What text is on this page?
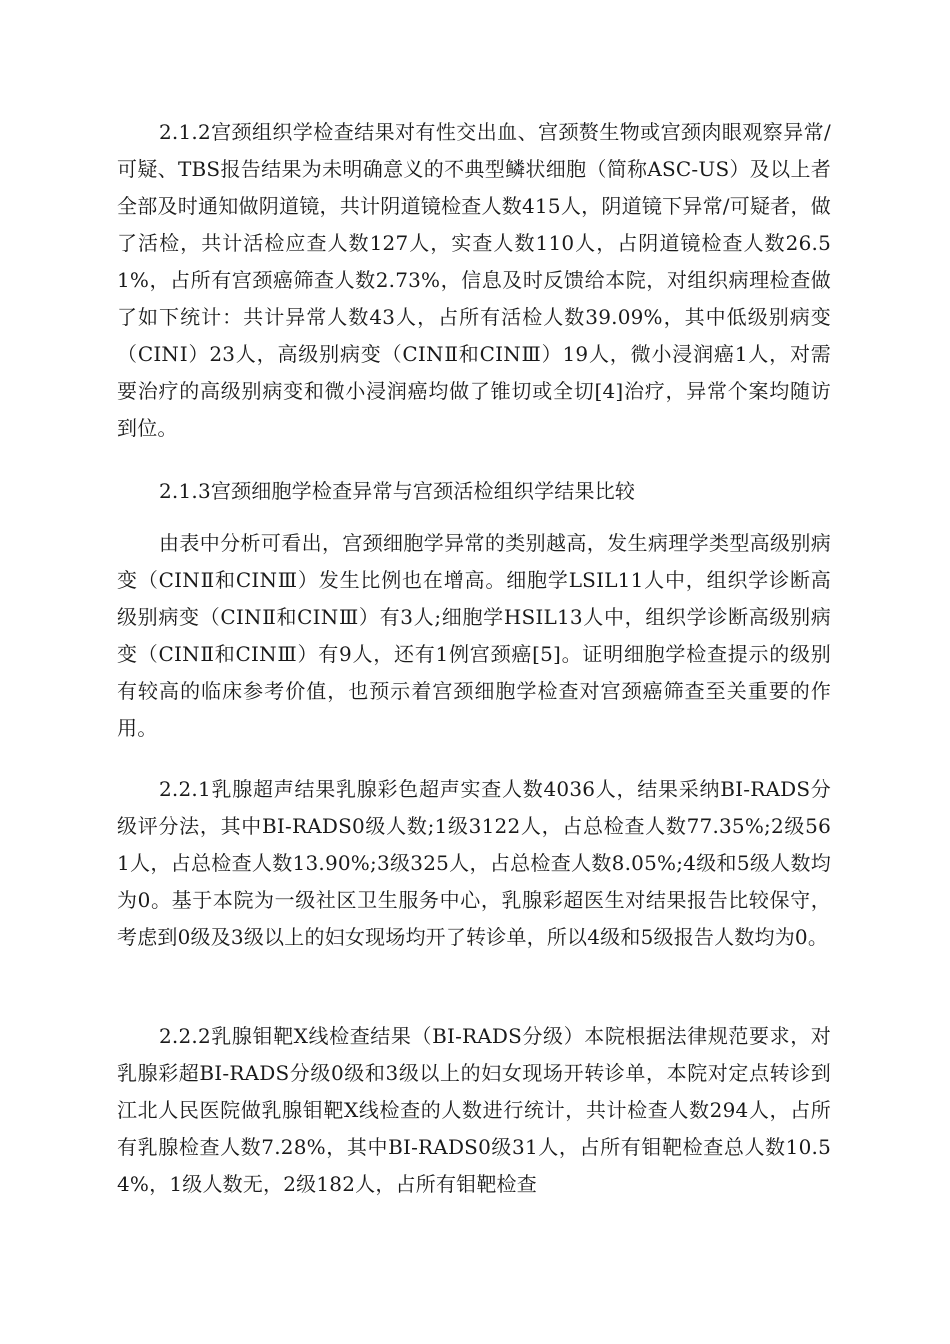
2.1.2宫颈组织学检查结果对有性交出血、宫颈赘生物或宫颈肉眼观察异常/可疑、TBS报告结果为未明确意义的不典型鳞状细胞（简称ASC-US）及以上者全部及时通知做阴道镜，共计阴道镜检查人数415人，阴道镜下异常/可疑者，做了活检，共计活检应查人数127人，实查人数110人，占阴道镜检查人数26.51%，占所有宫颈癌筛查人数2.73%，信息及时反馈给本院，对组织病理检查做了如下统计：共计异常人数43人，占所有活检人数39.09%，其中低级别病变（CINⅠ）23人，高级别病变（CINⅡ和CINⅢ）19人，微小浸润癌1人，对需要治疗的高级别病变和微小浸润癌均做了锥切或全切[4]治疗，异常个案均随访到位。

2.1.3宫颈细胞学检查异常与宫颈活检组织学结果比较

由表中分析可看出，宫颈细胞学异常的类别越高，发生病理学类型高级别病变（CINⅡ和CINⅢ）发生比例也在增高。细胞学LSIL11人中，组织学诊断高级别病变（CINⅡ和CINⅢ）有3人;细胞学HSIL13人中，组织学诊断高级别病变（CINⅡ和CINⅢ）有9人，还有1例宫颈癌[5]。证明细胞学检查提示的级别有较高的临床参考价值，也预示着宫颈细胞学检查对宫颈癌筛查至关重要的作用。

2.2.1乳腺超声结果乳腺彩色超声实查人数4036人，结果采纳BI-RADS分级评分法，其中BI-RADS0级人数;1级3122人，占总检查人数77.35%;2级561人，占总检查人数13.90%;3级325人，占总检查人数8.05%;4级和5级人数均为0。基于本院为一级社区卫生服务中心，乳腺彩超医生对结果报告比较保守，考虑到0级及3级以上的妇女现场均开了转诊单，所以4级和5级报告人数均为0。

2.2.2乳腺钼靶X线检查结果（BI-RADS分级）本院根据法律规范要求，对乳腺彩超BI-RADS分级0级和3级以上的妇女现场开转诊单，本院对定点转诊到江北人民医院做乳腺钼靶X线检查的人数进行统计，共计检查人数294人，占所有乳腺检查人数7.28%，其中BI-RADS0级31人，占所有钼靶检查总人数10.54%，1级人数无，2级182人，占所有钼靶检查
